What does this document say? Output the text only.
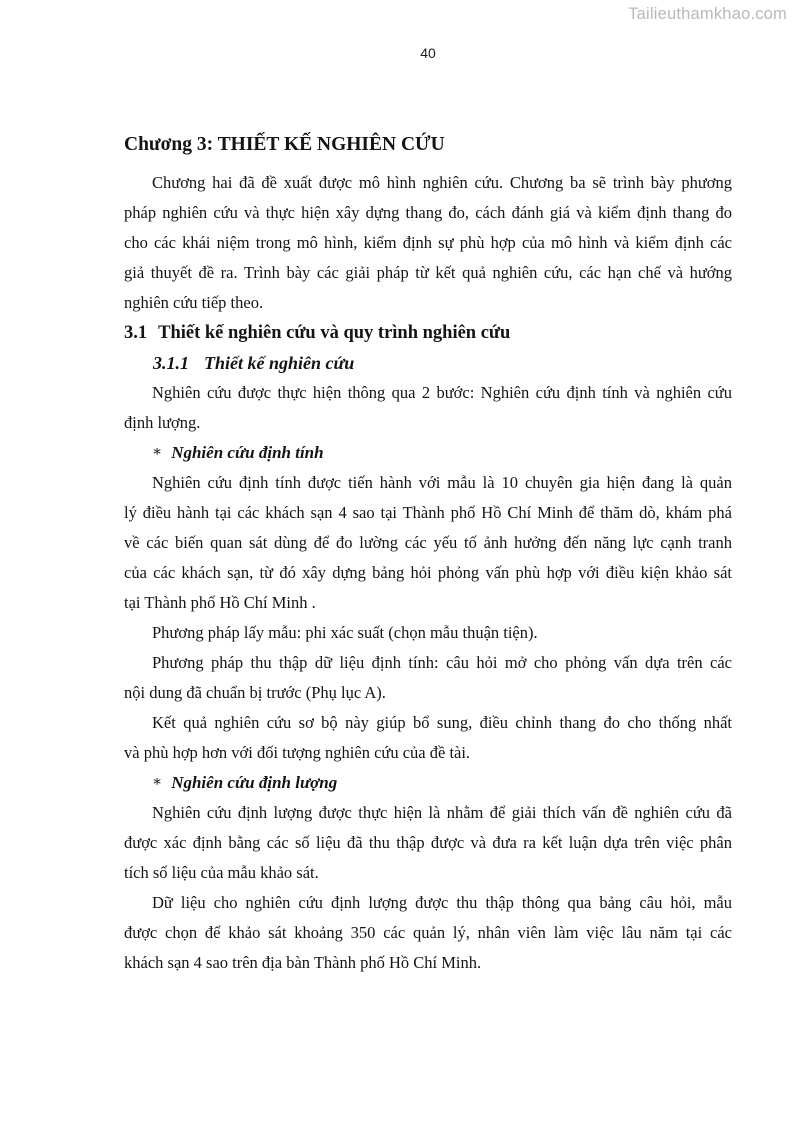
Tailieuthamkhao.com
40
Chương 3: THIẾT KẾ NGHIÊN CỨU
Chương hai đã đề xuất được mô hình nghiên cứu. Chương ba sẽ trình bày phương
pháp nghiên cứu và thực hiện xây dựng thang đo, cách đánh giá và kiểm định thang đo
cho các khái niệm trong mô hình, kiểm định sự phù hợp của mô hình và kiểm định các
giả thuyết đề ra. Trình bày các giải pháp từ kết quả nghiên cứu, các hạn chế và hướng
nghiên cứu tiếp theo.
3.1 Thiết kế nghiên cứu và quy trình nghiên cứu
3.1.1 Thiết kế nghiên cứu
Nghiên cứu được thực hiện thông qua 2 bước: Nghiên cứu định tính và nghiên cứu
định lượng.
∗ Nghiên cứu định tính
Nghiên cứu định tính được tiến hành với mẫu là 10 chuyên gia hiện đang là quản
lý điều hành tại các khách sạn 4 sao tại Thành phố Hồ Chí Minh để thăm dò, khám phá
về các biến quan sát dùng để đo lường các yếu tố ảnh hưởng đến năng lực cạnh tranh
của các khách sạn, từ đó xây dựng bảng hỏi phỏng vấn phù hợp với điều kiện khảo sát
tại Thành phố Hồ Chí Minh .
Phương pháp lấy mẫu: phi xác suất (chọn mẫu thuận tiện).
Phương pháp thu thập dữ liệu định tính: câu hỏi mở cho phỏng vấn dựa trên các
nội dung đã chuẩn bị trước (Phụ lục A).
Kết quả nghiên cứu sơ bộ này giúp bổ sung, điều chỉnh thang đo cho thống nhất
và phù hợp hơn với đối tượng nghiên cứu của đề tài.
∗ Nghiên cứu định lượng
Nghiên cứu định lượng được thực hiện là nhằm để giải thích vấn đề nghiên cứu đã
được xác định bằng các số liệu đã thu thập được và đưa ra kết luận dựa trên việc phân
tích số liệu của mẫu khảo sát.
Dữ liệu cho nghiên cứu định lượng được thu thập thông qua bảng câu hỏi, mẫu
được chọn để khảo sát khoảng 350 các quản lý, nhân viên làm việc lâu năm tại các
khách sạn 4 sao trên địa bàn Thành phố Hồ Chí Minh.
